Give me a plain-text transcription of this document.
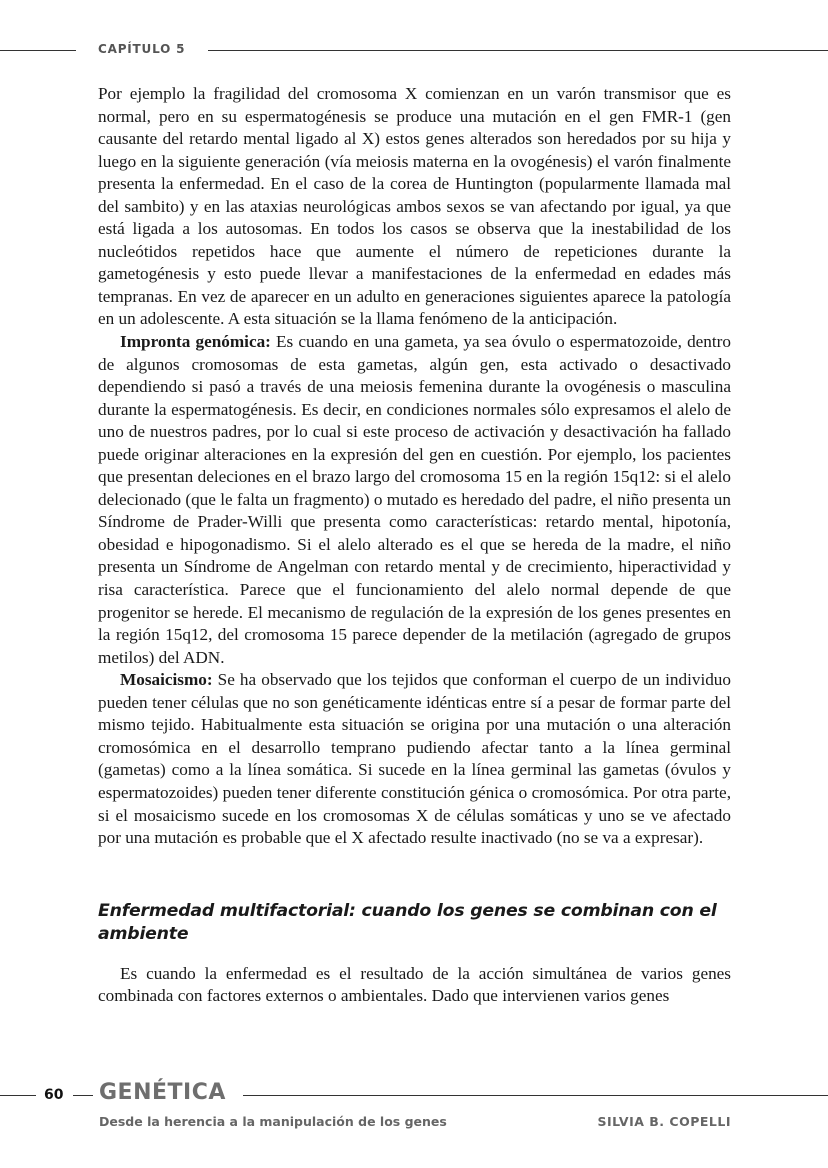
CAPÍTULO 5

Por ejemplo la fragilidad del cromosoma X comienzan en un varón transmisor que es normal, pero en su espermatogénesis se produce una mutación en el gen FMR-1 (gen causante del retardo mental ligado al X) estos genes alterados son heredados por su hija y luego en la siguiente generación (vía meiosis materna en la ovogénesis) el varón finalmente presenta la enfermedad. En el caso de la corea de Huntington (popularmente llamada mal del sambito) y en las ataxias neurológicas ambos sexos se van afectando por igual, ya que está ligada a los autosomas. En todos los casos se observa que la inestabilidad de los nucleótidos repetidos hace que aumente el número de repeticiones durante la gametogénesis y esto puede llevar a manifestaciones de la enfermedad en edades más tempranas. En vez de aparecer en un adulto en generaciones siguientes aparece la patología en un adolescente. A esta situación se la llama fenómeno de la anticipación.

Impronta genómica: Es cuando en una gameta, ya sea óvulo o espermatozoide, dentro de algunos cromosomas de esta gametas, algún gen, esta activado o desactivado dependiendo si pasó a través de una meiosis femenina durante la ovogénesis o masculina durante la espermatogénesis. Es decir, en condiciones normales sólo expresamos el alelo de uno de nuestros padres, por lo cual si este proceso de activación y desactivación ha fallado puede originar alteraciones en la expresión del gen en cuestión. Por ejemplo, los pacientes que presentan deleciones en el brazo largo del cromosoma 15 en la región 15q12: si el alelo delecionado (que le falta un fragmento) o mutado es heredado del padre, el niño presenta un Síndrome de Prader-Willi que presenta como características: retardo mental, hipotonía, obesidad e hipogonadismo. Si el alelo alterado es el que se hereda de la madre, el niño presenta un Síndrome de Angelman con retardo mental y de crecimiento, hiperactividad y risa característica. Parece que el funcionamiento del alelo normal depende de que progenitor se herede. El mecanismo de regulación de la expresión de los genes presentes en la región 15q12, del cromosoma 15 parece depender de la metilación (agregado de grupos metilos) del ADN.

Mosaicismo: Se ha observado que los tejidos que conforman el cuerpo de un individuo pueden tener células que no son genéticamente idénticas entre sí a pesar de formar parte del mismo tejido. Habitualmente esta situación se origina por una mutación o una alteración cromosómica en el desarrollo temprano pudiendo afectar tanto a la línea germinal (gametas) como a la línea somática. Si sucede en la línea germinal las gametas (óvulos y espermatozoides) pueden tener diferente constitución génica o cromosómica. Por otra parte, si el mosaicismo sucede en los cromosomas X de células somáticas y uno se ve afectado por una mutación es probable que el X afectado resulte inactivado (no se va a expresar).

Enfermedad multifactorial: cuando los genes se combinan con el ambiente

Es cuando la enfermedad es el resultado de la acción simultánea de varios genes combinada con factores externos o ambientales. Dado que intervienen varios genes

60 GENÉTICA
Desde la herencia a la manipulación de los genes	SILVIA B. COPELLI
